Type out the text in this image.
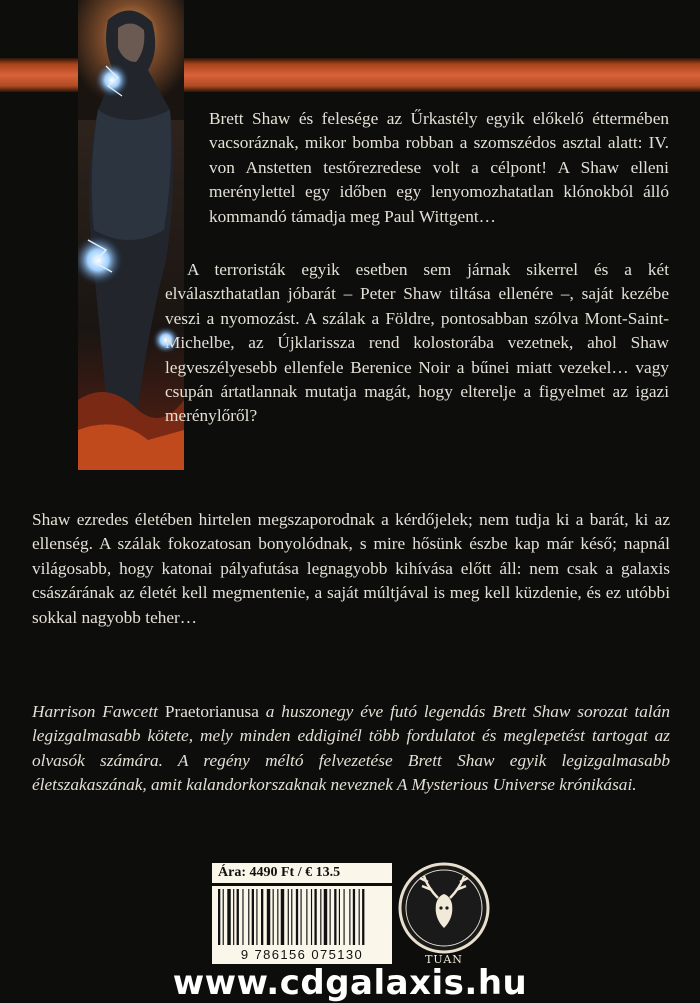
Brett Shaw és felesége az Űrkastély egyik előkelő éttermében vacsoráznak, mikor bomba robban a szomszédos asztal alatt: IV. von Anstetten testőrezredese volt a célpont! A Shaw elleni merénylettel egy időben egy lenyomozhatatlan klónokból álló kommandó támadja meg Paul Wittgent…

A terroristák egyik esetben sem járnak sikerrel és a két elválaszthatatlan jóbarát – Peter Shaw tiltása ellenére –, saját kezébe veszi a nyomozást. A szálak a Földre, pontosabban szólva Mont-Saint-Michelbe, az Újklarissza rend kolostorába vezetnek, ahol Shaw legveszélyesebb ellenfele Berenice Noir a bűnei miatt vezekel… vagy csupán ártatlannak mutatja magát, hogy elterelje a figyelmet az igazi merénylőről?

Shaw ezredes életében hirtelen megszaporodnak a kérdőjelek; nem tudja ki a barát, ki az ellenség. A szálak fokozatosan bonyolódnak, s mire hősünk észbe kap már késő; napnál világosabb, hogy katonai pályafutása legnagyobb kihívása előtt áll: nem csak a galaxis császárának az életét kell megmentenie, a saját múltjával is meg kell küzdenie, és ez utóbbi sokkal nagyobb teher…

Harrison Fawcett Praetorianusa a huszonegy éve futó legendás Brett Shaw sorozat talán legizgalmasabb kötete, mely minden eddiginél több fordulatot és meglepetést tartogat az olvasók számára. A regény méltó felvezetése Brett Shaw egyik legizgalmasabb életszakaszának, amit kalandorkorszaknak neveznek A Mysterious Universe krónikásai.

Ára: 4490 Ft / € 13.5
9 786156 075130	TUAN
www.cdgalaxis.hu
